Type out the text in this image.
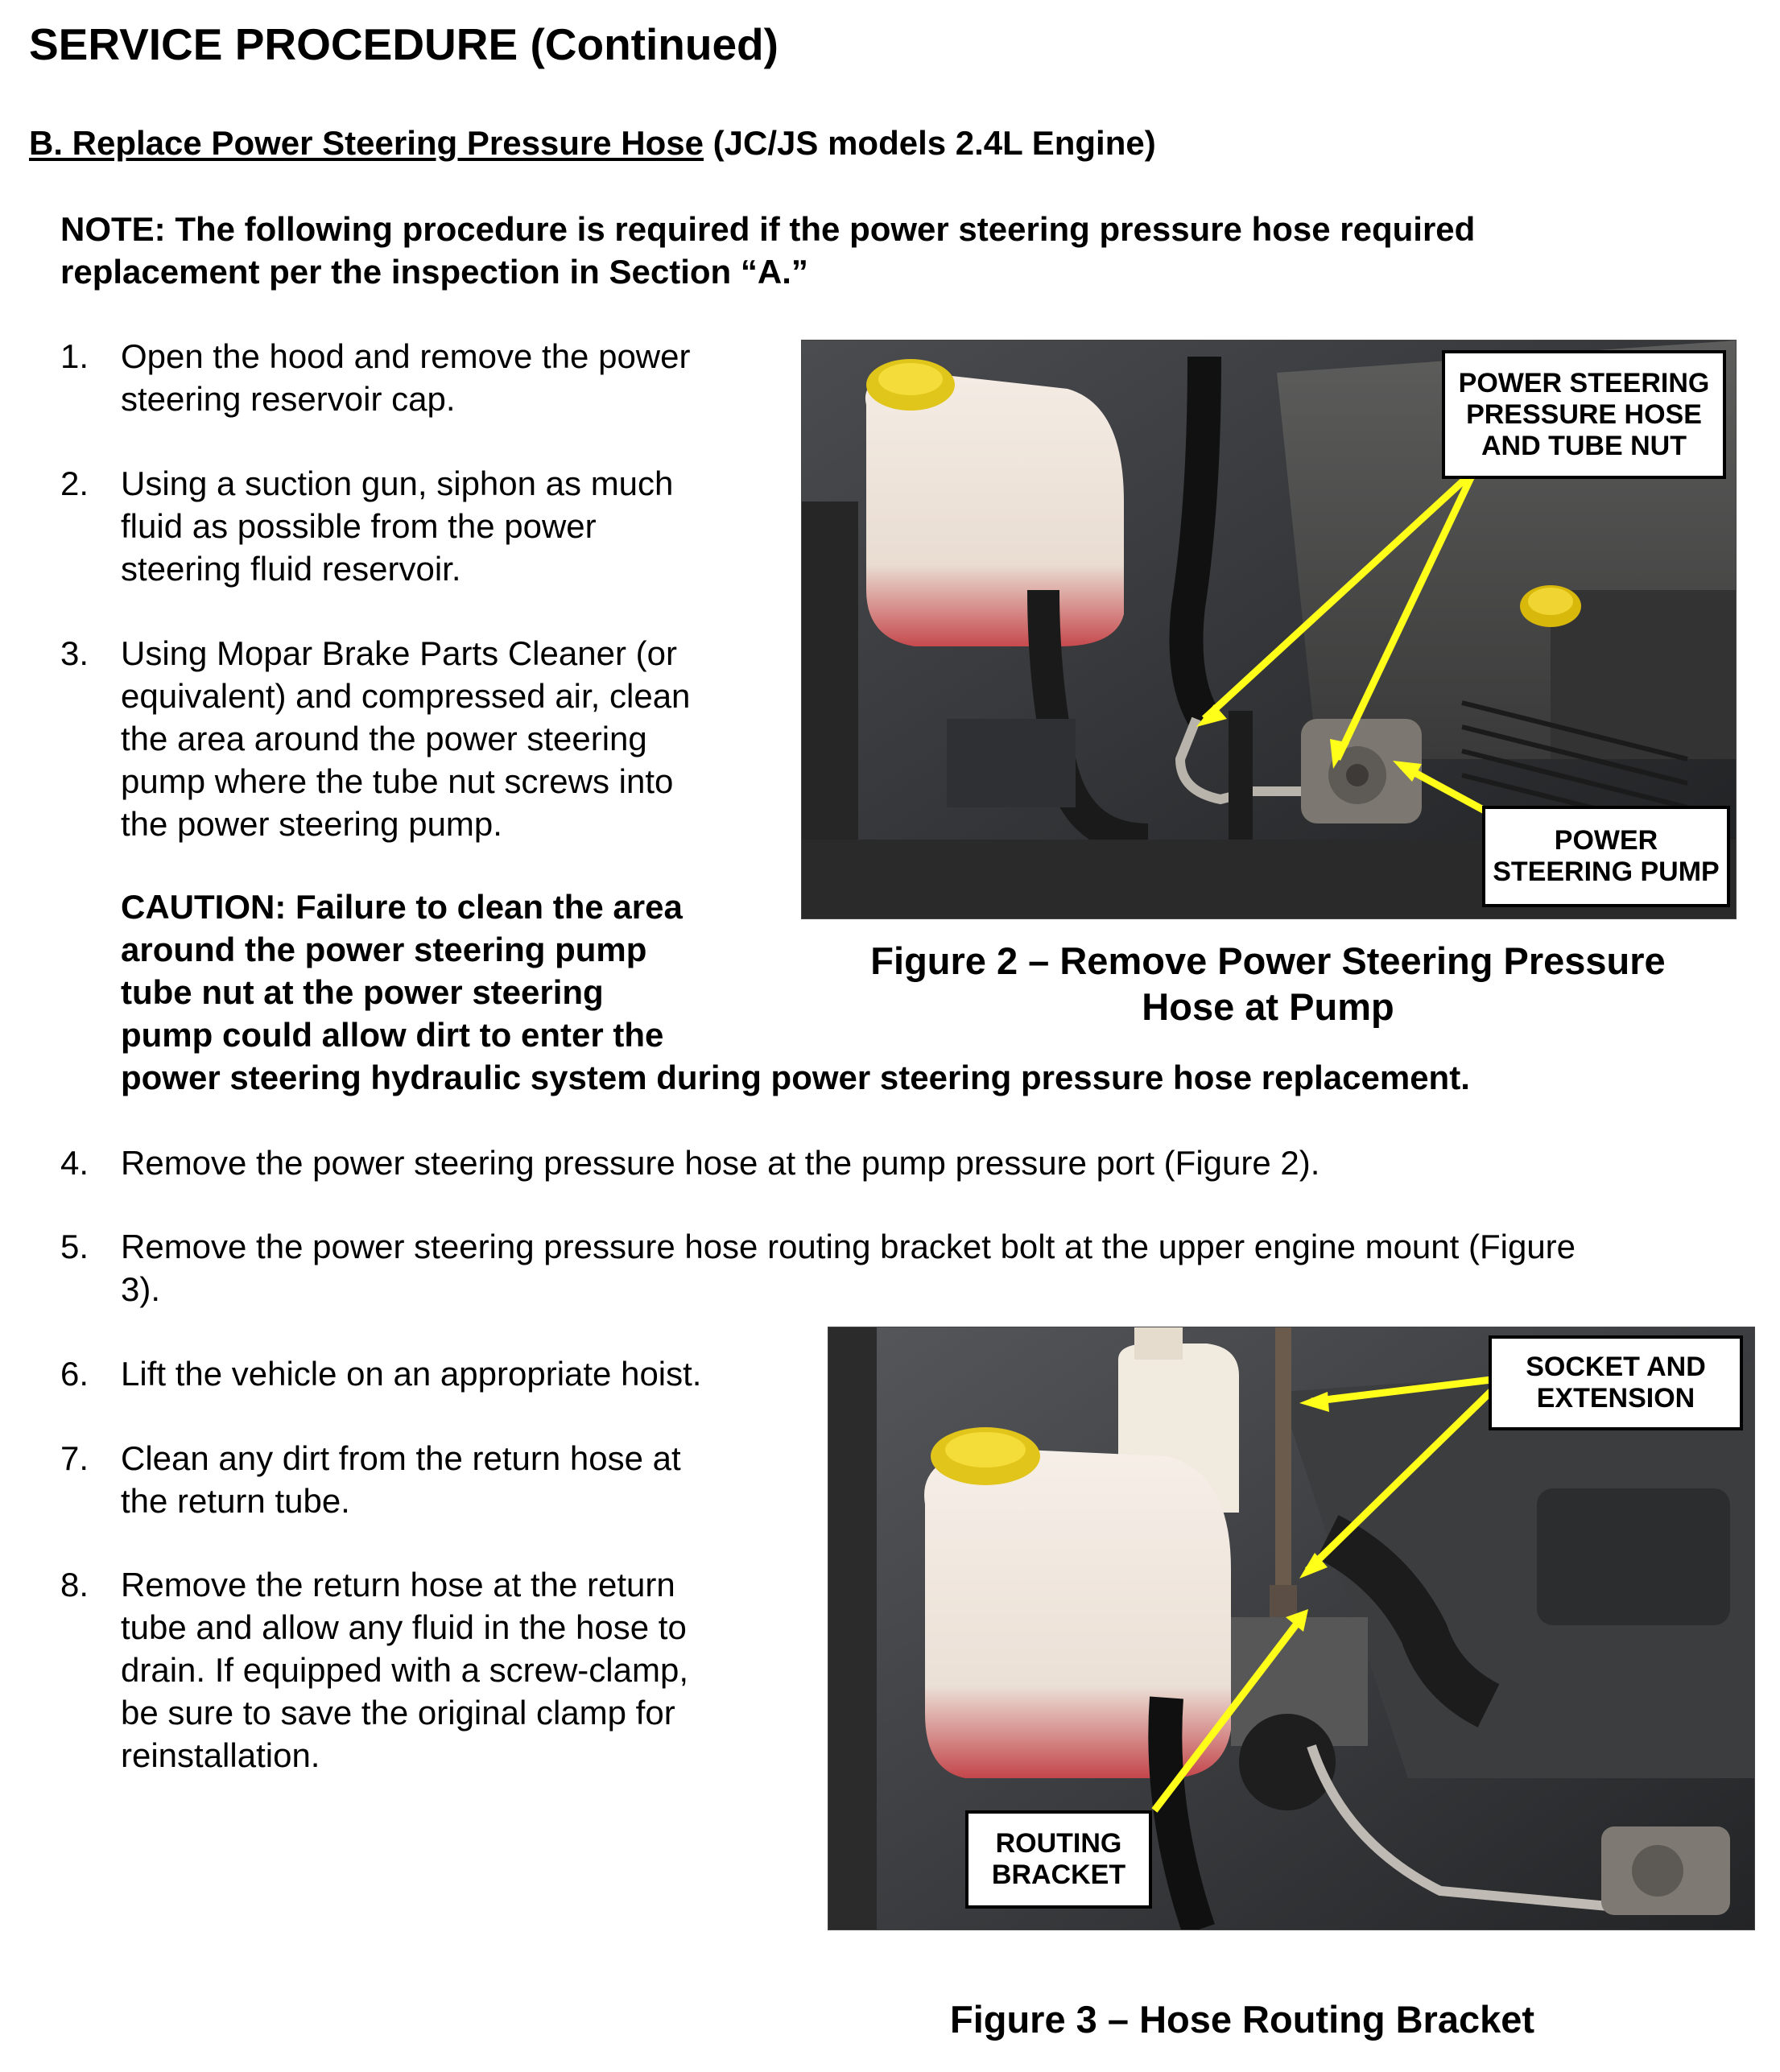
SERVICE PROCEDURE (Continued)
B. Replace Power Steering Pressure Hose (JC/JS models 2.4L Engine)
NOTE: The following procedure is required if the power steering pressure hose required
replacement per the inspection in Section “A.”
1. Open the hood and remove the power
steering reservoir cap.
2. Using a suction gun, siphon as much
fluid as possible from the power
steering fluid reservoir.
3. Using Mopar Brake Parts Cleaner (or
equivalent) and compressed air, clean
the area around the power steering
pump where the tube nut screws into
the power steering pump.
CAUTION: Failure to clean the area
around the power steering pump
tube nut at the power steering
pump could allow dirt to enter the
power steering hydraulic system during power steering pressure hose replacement.
4. Remove the power steering pressure hose at the pump pressure port (Figure 2).
5. Remove the power steering pressure hose routing bracket bolt at the upper engine mount (Figure
3).
6. Lift the vehicle on an appropriate hoist.
7. Clean any dirt from the return hose at
the return tube.
8. Remove the return hose at the return
tube and allow any fluid in the hose to
drain. If equipped with a screw-clamp,
be sure to save the original clamp for
reinstallation.
POWER STEERING
PRESSURE HOSE
AND TUBE NUT
POWER
STEERING PUMP
Figure 2 – Remove Power Steering Pressure
Hose at Pump
SOCKET AND
EXTENSION
ROUTING
BRACKET
Figure 3 – Hose Routing Bracket
